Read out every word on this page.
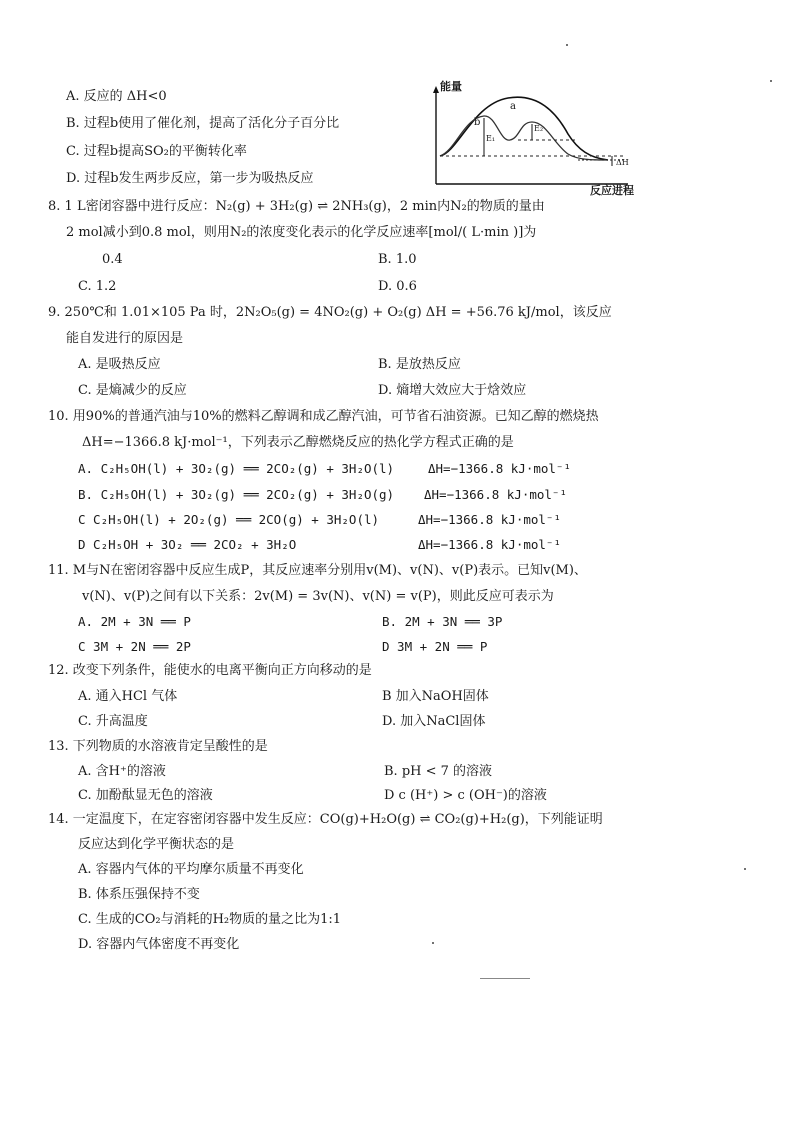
A. 反应的 ΔH<0
B. 过程b使用了催化剂，提高了活化分子百分比
C. 过程b提高SO₂的平衡转化率
D. 过程b发生两步反应，第一步为吸热反应
能量
反应进程
a
b
E₁
E₂
ΔH
8. 1 L密闭容器中进行反应：N₂(g) + 3H₂(g) ⇌ 2NH₃(g)，2 min内N₂的物质的量由
2 mol减小到0.8 mol，则用N₂的浓度变化表示的化学反应速率[mol/( L·min )]为
0.4	B. 1.0
C. 1.2	D. 0.6
9. 250℃和 1.01×105 Pa 时，2N₂O₅(g) = 4NO₂(g) + O₂(g) ΔH = +56.76 kJ/mol，该反应
能自发进行的原因是
A. 是吸热反应	B. 是放热反应
C. 是熵减少的反应	D. 熵增大效应大于焓效应
10. 用90%的普通汽油与10%的燃料乙醇调和成乙醇汽油，可节省石油资源。已知乙醇的燃烧热
ΔH=−1366.8 kJ·mol⁻¹，下列表示乙醇燃烧反应的热化学方程式正确的是
A. C₂H₅OH(l) + 3O₂(g) ══ 2CO₂(g) + 3H₂O(l)	ΔH=−1366.8 kJ·mol⁻¹
B. C₂H₅OH(l) + 3O₂(g) ══ 2CO₂(g) + 3H₂O(g) ΔH=−1366.8 kJ·mol⁻¹
C C₂H₅OH(l) + 2O₂(g) ══ 2CO(g) + 3H₂O(l)	ΔH=−1366.8 kJ·mol⁻¹
D C₂H₅OH + 3O₂ ══ 2CO₂ + 3H₂O	ΔH=−1366.8 kJ·mol⁻¹
11. M与N在密闭容器中反应生成P，其反应速率分别用v(M)、v(N)、v(P)表示。已知v(M)、
v(N)、v(P)之间有以下关系：2v(M) = 3v(N)、v(N) = v(P)，则此反应可表示为
A. 2M + 3N ══ P	B. 2M + 3N ══ 3P
C 3M + 2N ══ 2P	D 3M + 2N ══ P
12. 改变下列条件，能使水的电离平衡向正方向移动的是
A. 通入HCl 气体	B 加入NaOH固体
C. 升高温度	D. 加入NaCl固体
13. 下列物质的水溶液肯定呈酸性的是
A. 含H⁺的溶液	B. pH < 7 的溶液
C. 加酚酞显无色的溶液	D c (H⁺) > c (OH⁻)的溶液
14. 一定温度下，在定容密闭容器中发生反应：CO(g)+H₂O(g) ⇌ CO₂(g)+H₂(g)，下列能证明
反应达到化学平衡状态的是
A. 容器内气体的平均摩尔质量不再变化
B. 体系压强保持不变
C. 生成的CO₂与消耗的H₂物质的量之比为1:1
D. 容器内气体密度不再变化
